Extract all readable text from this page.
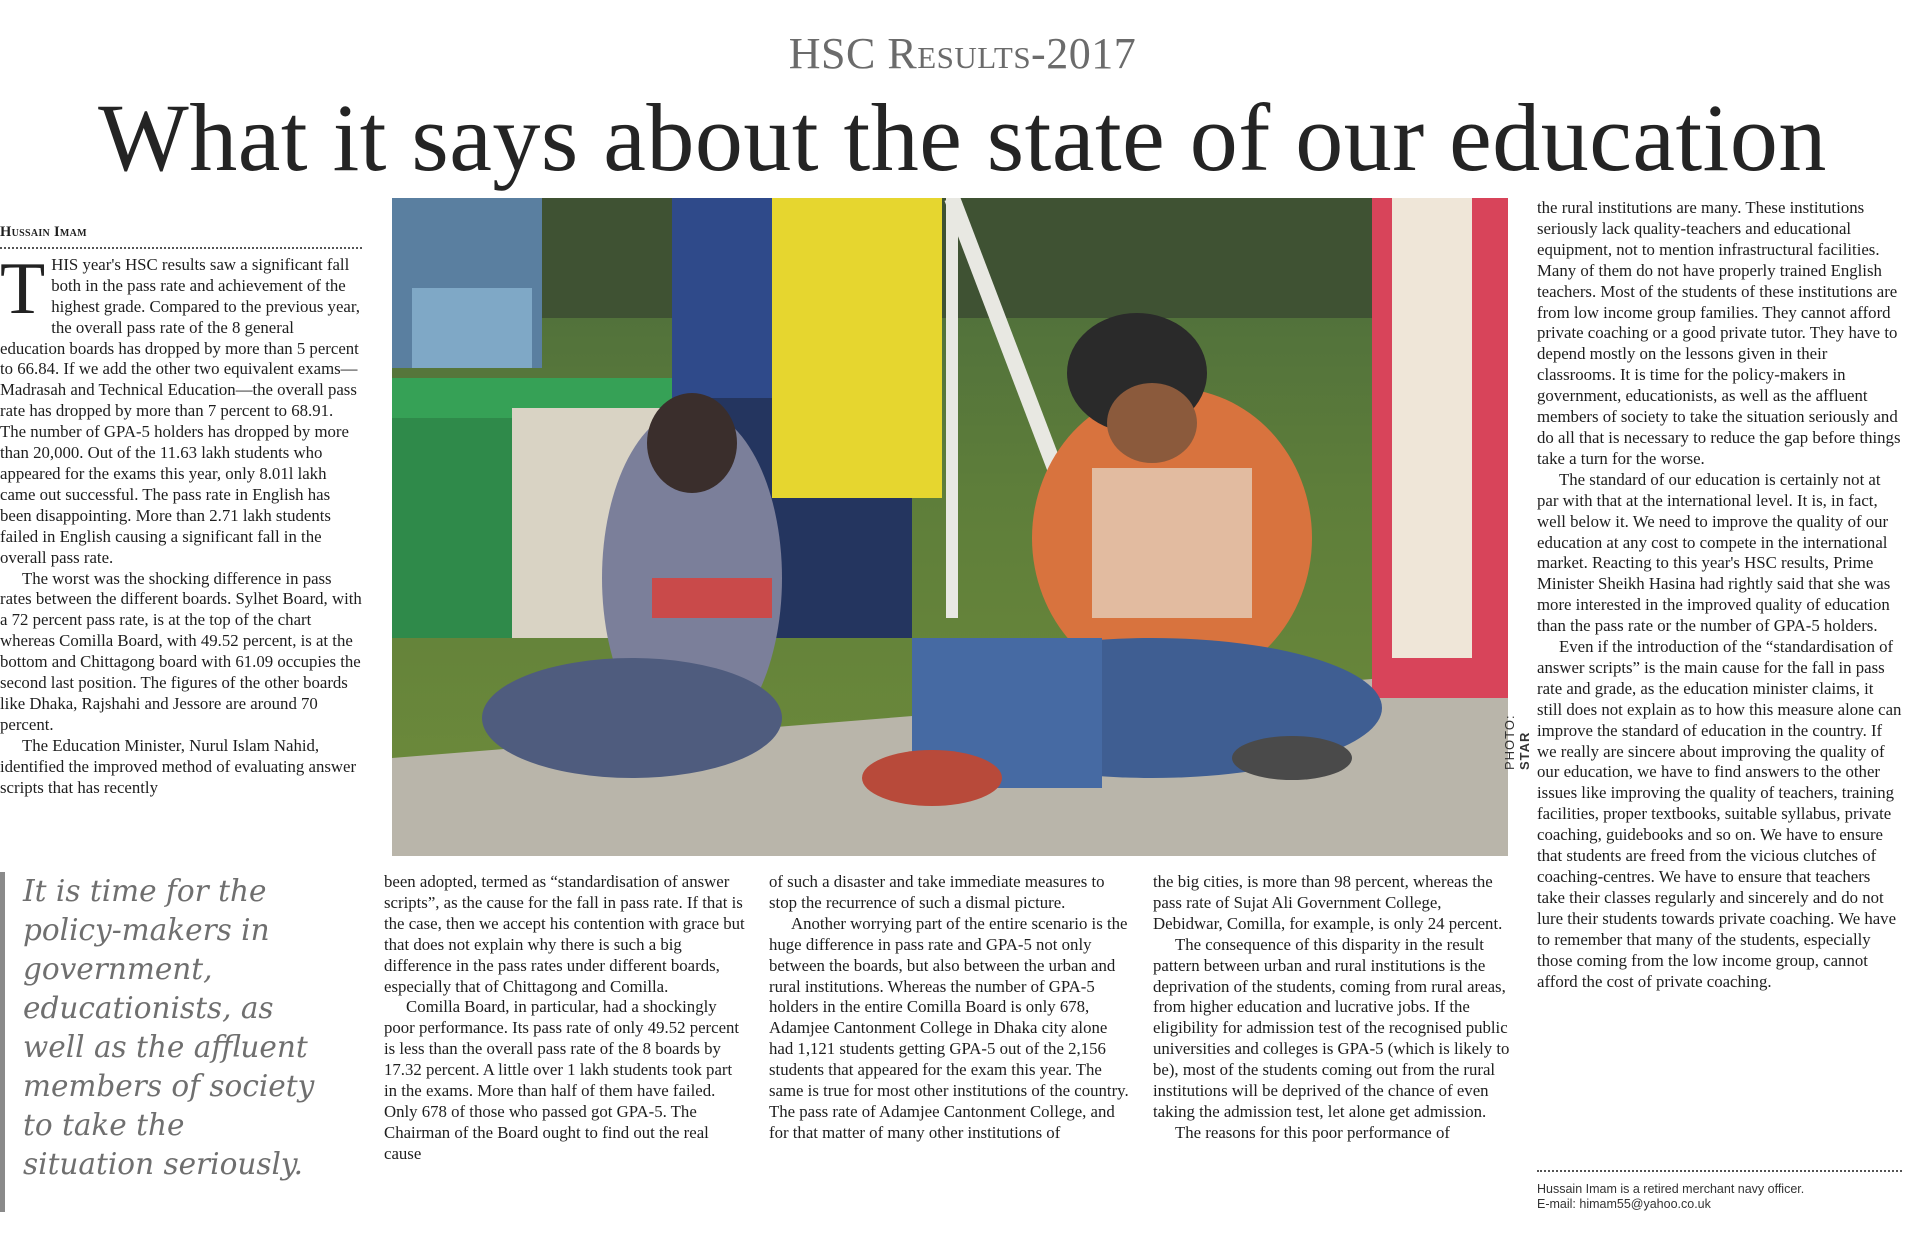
HSC Results-2017
What it says about the state of our education

Hussain Imam

THIS year's HSC results saw a significant fall both in the pass rate and achievement of the highest grade. Compared to the previous year, the overall pass rate of the 8 general education boards has dropped by more than 5 percent to 66.84. If we add the other two equivalent exams—Madrasah and Technical Education—the overall pass rate has dropped by more than 7 percent to 68.91. The number of GPA-5 holders has dropped by more than 20,000. Out of the 11.63 lakh students who appeared for the exams this year, only 8.01l lakh came out successful. The pass rate in English has been disappointing. More than 2.71 lakh students failed in English causing a significant fall in the overall pass rate.

The worst was the shocking difference in pass rates between the different boards. Sylhet Board, with a 72 percent pass rate, is at the top of the chart whereas Comilla Board, with 49.52 percent, is at the bottom and Chittagong board with 61.09 occupies the second last position. The figures of the other boards like Dhaka, Rajshahi and Jessore are around 70 percent.

The Education Minister, Nurul Islam Nahid, identified the improved method of evaluating answer scripts that has recently

PHOTO: STAR
It is time for the
policy-makers in
government,
educationists, as
well as the affluent
members of society
to take the
situation seriously.

been adopted, termed as “standardisation of answer scripts”, as the cause for the fall in pass rate. If that is the case, then we accept his contention with grace but that does not explain why there is such a big difference in the pass rates under different boards, especially that of Chittagong and Comilla.

Comilla Board, in particular, had a shockingly poor performance. Its pass rate of only 49.52 percent is less than the overall pass rate of the 8 boards by 17.32 percent. A little over 1 lakh students took part in the exams. More than half of them have failed. Only 678 of those who passed got GPA-5. The Chairman of the Board ought to find out the real cause

of such a disaster and take immediate measures to stop the recurrence of such a dismal picture.

Another worrying part of the entire scenario is the huge difference in pass rate and GPA-5 not only between the boards, but also between the urban and rural institutions. Whereas the number of GPA-5 holders in the entire Comilla Board is only 678, Adamjee Cantonment College in Dhaka city alone had 1,121 students getting GPA-5 out of the 2,156 students that appeared for the exam this year. The same is true for most other institutions of the country. The pass rate of Adamjee Cantonment College, and for that matter of many other institutions of

the big cities, is more than 98 percent, whereas the pass rate of Sujat Ali Government College, Debidwar, Comilla, for example, is only 24 percent.

The consequence of this disparity in the result pattern between urban and rural institutions is the deprivation of the students, coming from rural areas, from higher education and lucrative jobs. If the eligibility for admission test of the recognised public universities and colleges is GPA-5 (which is likely to be), most of the students coming out from the rural institutions will be deprived of the chance of even taking the admission test, let alone get admission.

The reasons for this poor performance of

the rural institutions are many. These institutions seriously lack quality-teachers and educational equipment, not to mention infrastructural facilities. Many of them do not have properly trained English teachers. Most of the students of these institutions are from low income group families. They cannot afford private coaching or a good private tutor. They have to depend mostly on the lessons given in their classrooms. It is time for the policy-makers in government, educationists, as well as the affluent members of society to take the situation seriously and do all that is necessary to reduce the gap before things take a turn for the worse.

The standard of our education is certainly not at par with that at the international level. It is, in fact, well below it. We need to improve the quality of our education at any cost to compete in the international market. Reacting to this year's HSC results, Prime Minister Sheikh Hasina had rightly said that she was more interested in the improved quality of education than the pass rate or the number of GPA-5 holders.

Even if the introduction of the “standardisation of answer scripts” is the main cause for the fall in pass rate and grade, as the education minister claims, it still does not explain as to how this measure alone can improve the standard of education in the country. If we really are sincere about improving the quality of our education, we have to find answers to the other issues like improving the quality of teachers, training facilities, proper textbooks, suitable syllabus, private coaching, guidebooks and so on. We have to ensure that students are freed from the vicious clutches of coaching-centres. We have to ensure that teachers take their classes regularly and sincerely and do not lure their students towards private coaching. We have to remember that many of the students, especially those coming from the low income group, cannot afford the cost of private coaching.

Hussain Imam is a retired merchant navy officer.
E-mail: himam55@yahoo.co.uk
